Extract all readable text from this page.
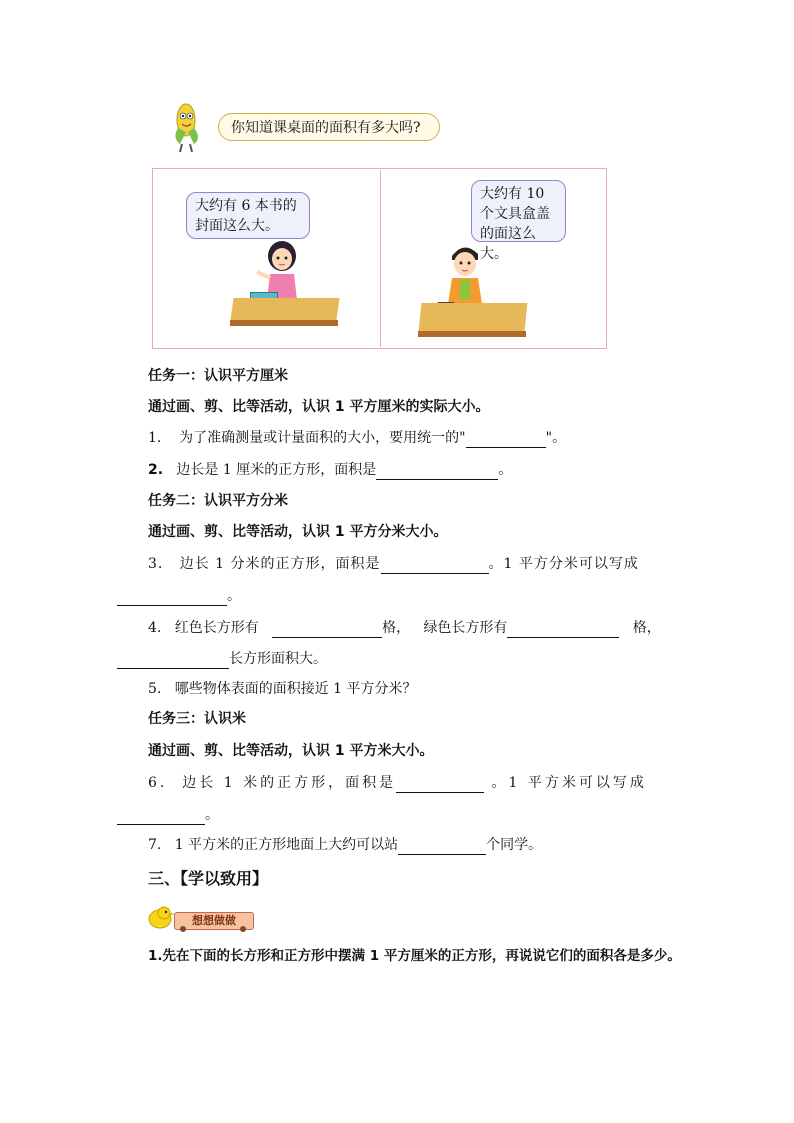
你知道课桌面的面积有多大吗?
大约有 6 本书的封面这么大。
大约有 10 个文具盒盖的面这么大。
任务一：认识平方厘米
通过画、剪、比等活动，认识 1 平方厘米的实际大小。
1. 为了准确测量或计量面积的大小，要用统一的"	"。
2. 边长是 1 厘米的正方形，面积是	。
任务二：认识平方分米
通过画、剪、比等活动，认识 1 平方分米大小。
3. 边长 1 分米的正方形，面积是	。1 平方分米可以写成
。
4. 红色长方形有	格， 绿色长方形有	格，
长方形面积大。
5. 哪些物体表面的面积接近 1 平方分米？
任务三：认识米
通过画、剪、比等活动，认识 1 平方米大小。
6. 边长 1 米的正方形，面积是	。1 平方米可以写成
。
7. 1 平方米的正方形地面上大约可以站	个同学。
三、【学以致用】
想想做做
1.先在下面的长方形和正方形中摆满 1 平方厘米的正方形，再说说它们的面积各是多少。
